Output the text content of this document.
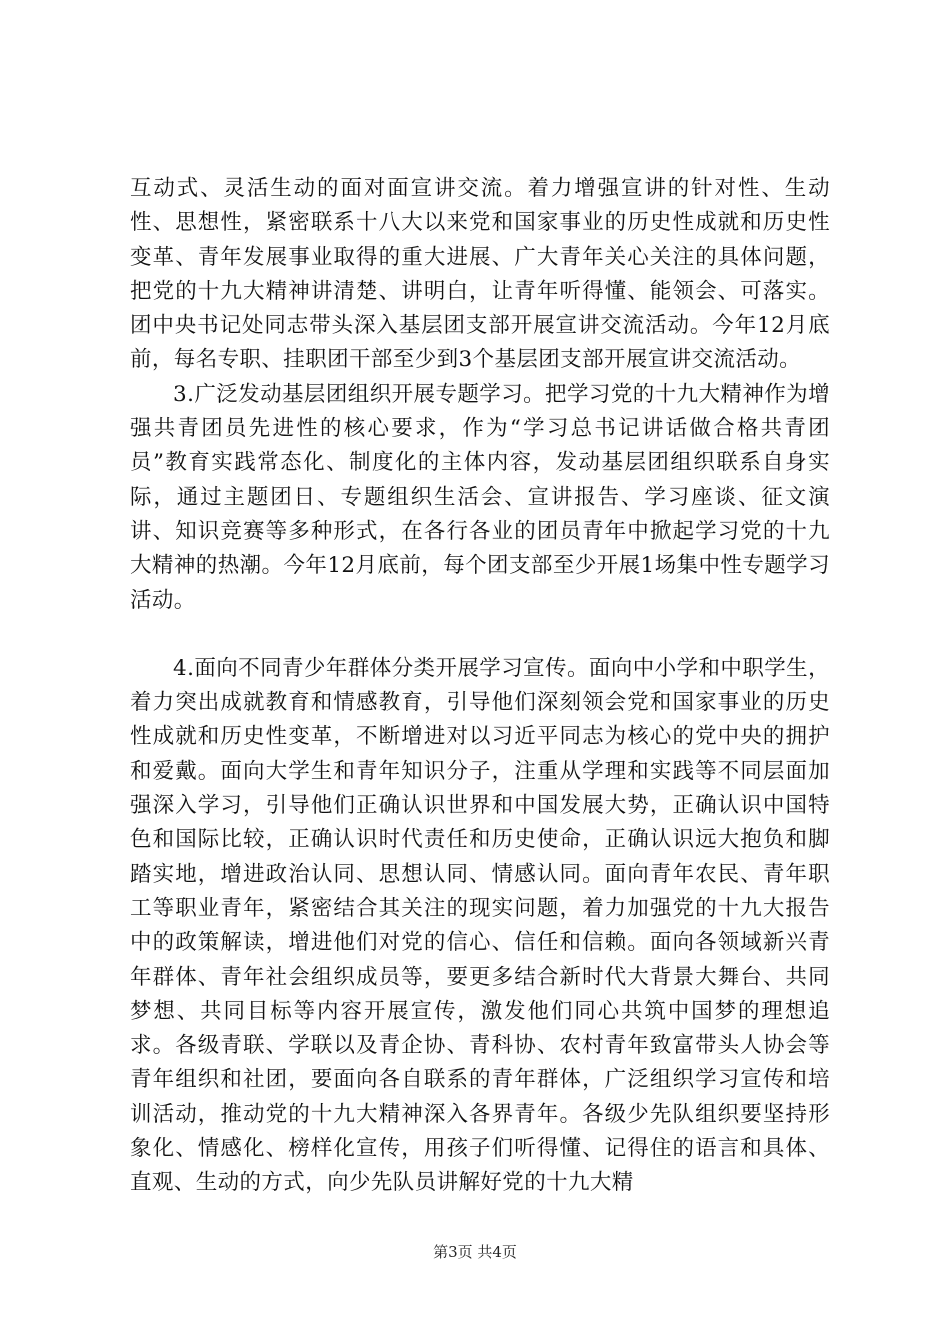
互动式、灵活生动的面对面宣讲交流。着力增强宣讲的针对性、生动性、思想性，紧密联系十八大以来党和国家事业的历史性成就和历史性变革、青年发展事业取得的重大进展、广大青年关心关注的具体问题，把党的十九大精神讲清楚、讲明白，让青年听得懂、能领会、可落实。团中央书记处同志带头深入基层团支部开展宣讲交流活动。今年12月底前，每名专职、挂职团干部至少到3个基层团支部开展宣讲交流活动。

3.广泛发动基层团组织开展专题学习。把学习党的十九大精神作为增强共青团员先进性的核心要求，作为“学习总书记讲话做合格共青团员”教育实践常态化、制度化的主体内容，发动基层团组织联系自身实际，通过主题团日、专题组织生活会、宣讲报告、学习座谈、征文演讲、知识竞赛等多种形式，在各行各业的团员青年中掀起学习党的十九大精神的热潮。今年12月底前，每个团支部至少开展1场集中性专题学习活动。

4.面向不同青少年群体分类开展学习宣传。面向中小学和中职学生，着力突出成就教育和情感教育，引导他们深刻领会党和国家事业的历史性成就和历史性变革，不断增进对以习近平同志为核心的党中央的拥护和爱戴。面向大学生和青年知识分子，注重从学理和实践等不同层面加强深入学习，引导他们正确认识世界和中国发展大势，正确认识中国特色和国际比较，正确认识时代责任和历史使命，正确认识远大抱负和脚踏实地，增进政治认同、思想认同、情感认同。面向青年农民、青年职工等职业青年，紧密结合其关注的现实问题，着力加强党的十九大报告中的政策解读，增进他们对党的信心、信任和信赖。面向各领域新兴青年群体、青年社会组织成员等，要更多结合新时代大背景大舞台、共同梦想、共同目标等内容开展宣传，激发他们同心共筑中国梦的理想追求。各级青联、学联以及青企协、青科协、农村青年致富带头人协会等青年组织和社团，要面向各自联系的青年群体，广泛组织学习宣传和培训活动，推动党的十九大精神深入各界青年。各级少先队组织要坚持形象化、情感化、榜样化宣传，用孩子们听得懂、记得住的语言和具体、直观、生动的方式，向少先队员讲解好党的十九大精

第3页 共4页
